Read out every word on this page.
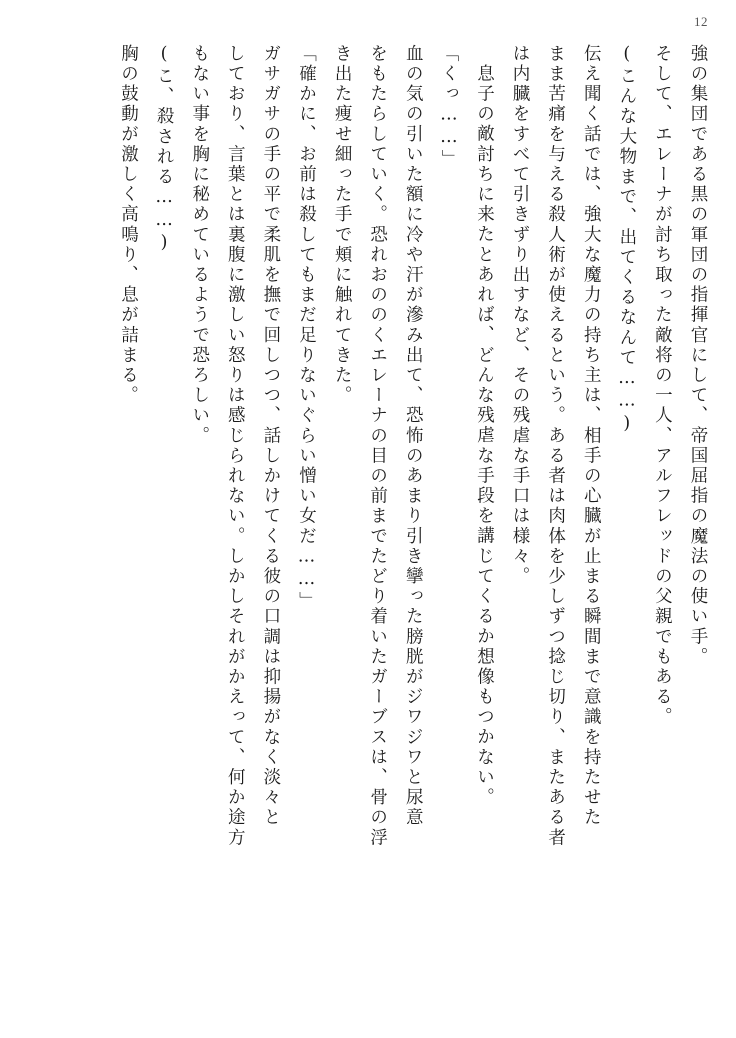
12
強の集団である黒の軍団の指揮官にして、帝国屈指の魔法の使い手。
そして、エレーナが討ち取った敵将の一人、アルフレッドの父親でもある。
(こんな大物まで、出てくるなんて……)
伝え聞く話では、強大な魔力の持ち主は、相手の心臓が止まる瞬間まで意識を持たせた
まま苦痛を与える殺人術が使えるという。ある者は肉体を少しずつ捻じ切り、またある者
は内臓をすべて引きずり出すなど、その残虐な手口は様々。
息子の敵討ちに来たとあれば、どんな残虐な手段を講じてくるか想像もつかない。
「くっ……」
血の気の引いた額に冷や汗が滲み出て、恐怖のあまり引き攣った膀胱がジワジワと尿意
をもたらしていく。恐れおののくエレーナの目の前までたどり着いたガーブスは、骨の浮
き出た痩せ細った手で頬に触れてきた。
「確かに、お前は殺してもまだ足りないぐらい憎い女だ……」
ガサガサの手の平で柔肌を撫で回しつつ、話しかけてくる彼の口調は抑揚がなく淡々と
しており、言葉とは裏腹に激しい怒りは感じられない。しかしそれがかえって、何か途方
もない事を胸に秘めているようで恐ろしい。
(こ、殺される……)
胸の鼓動が激しく高鳴り、息が詰まる。
